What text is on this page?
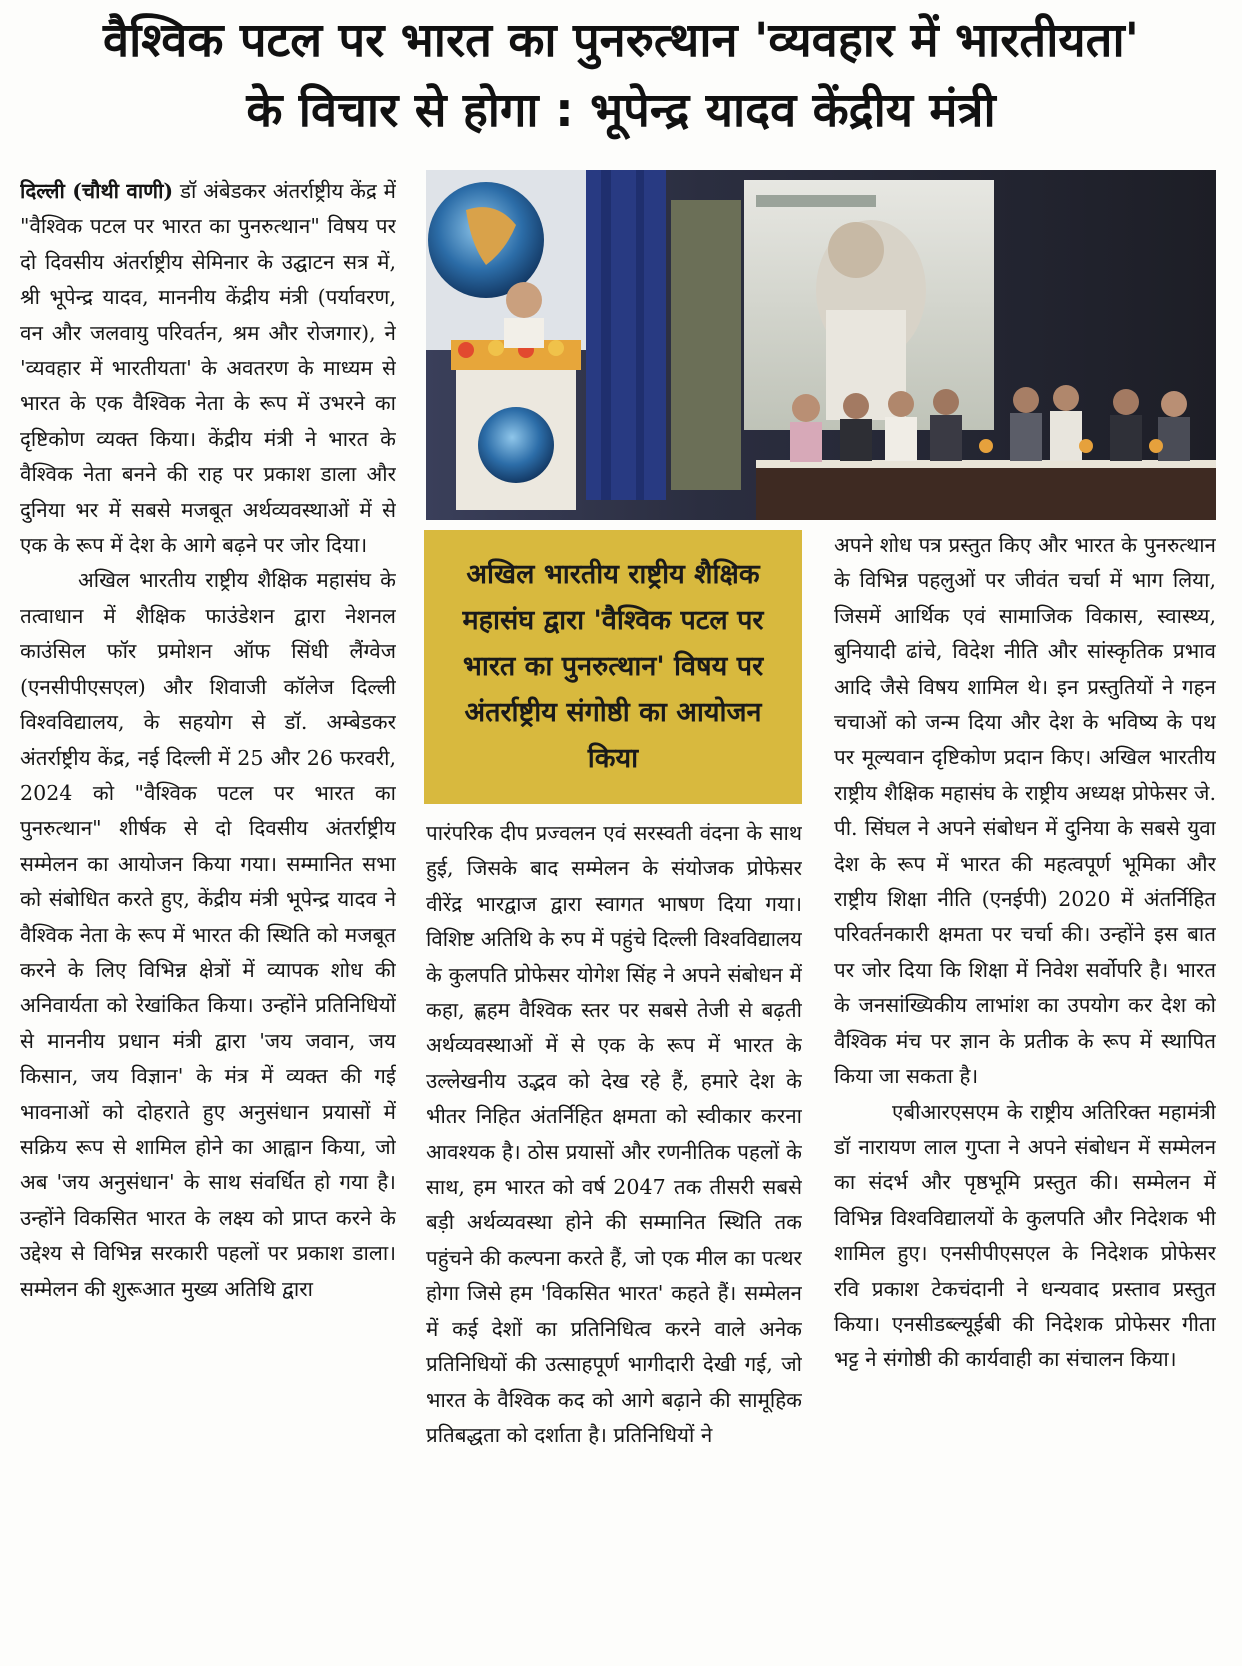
वैश्विक पटल पर भारत का पुनरुत्थान 'व्यवहार में भारतीयता'
के विचार से होगा : भूपेन्द्र यादव केंद्रीय मंत्री

दिल्ली (चौथी वाणी) डॉ अंबेडकर अंतर्राष्ट्रीय केंद्र में "वैश्विक पटल पर भारत का पुनरुत्थान" विषय पर दो दिवसीय अंतर्राष्ट्रीय सेमिनार के उद्घाटन सत्र में, श्री भूपेन्द्र यादव, माननीय केंद्रीय मंत्री (पर्यावरण, वन और जलवायु परिवर्तन, श्रम और रोजगार), ने 'व्यवहार में भारतीयता' के अवतरण के माध्यम से भारत के एक वैश्विक नेता के रूप में उभरने का दृष्टिकोण व्यक्त किया। केंद्रीय मंत्री ने भारत के वैश्विक नेता बनने की राह पर प्रकाश डाला और दुनिया भर में सबसे मजबूत अर्थव्यवस्थाओं में से एक के रूप में देश के आगे बढ़ने पर जोर दिया।

अखिल भारतीय राष्ट्रीय शैक्षिक महासंघ के तत्वाधान में शैक्षिक फाउंडेशन द्वारा नेशनल काउंसिल फॉर प्रमोशन ऑफ सिंधी लैंग्वेज (एनसीपीएसएल) और शिवाजी कॉलेज दिल्ली विश्वविद्यालय, के सहयोग से डॉ. अम्बेडकर अंतर्राष्ट्रीय केंद्र, नई दिल्ली में 25 और 26 फरवरी, 2024 को "वैश्विक पटल पर भारत का पुनरुत्थान" शीर्षक से दो दिवसीय अंतर्राष्ट्रीय सम्मेलन का आयोजन किया गया। सम्मानित सभा को संबोधित करते हुए, केंद्रीय मंत्री भूपेन्द्र यादव ने वैश्विक नेता के रूप में भारत की स्थिति को मजबूत करने के लिए विभिन्न क्षेत्रों में व्यापक शोध की अनिवार्यता को रेखांकित किया। उन्होंने प्रतिनिधियों से माननीय प्रधान मंत्री द्वारा 'जय जवान, जय किसान, जय विज्ञान' के मंत्र में व्यक्त की गई भावनाओं को दोहराते हुए अनुसंधान प्रयासों में सक्रिय रूप से शामिल होने का आह्वान किया, जो अब 'जय अनुसंधान' के साथ संवर्धित हो गया है। उन्होंने विकसित भारत के लक्ष्य को प्राप्त करने के उद्देश्य से विभिन्न सरकारी पहलों पर प्रकाश डाला। सम्मेलन की शुरूआत मुख्य अतिथि द्वारा

अखिल भारतीय राष्ट्रीय शैक्षिक महासंघ द्वारा 'वैश्विक पटल पर भारत का पुनरुत्थान' विषय पर अंतर्राष्ट्रीय संगोष्ठी का आयोजन किया

पारंपरिक दीप प्रज्वलन एवं सरस्वती वंदना के साथ हुई, जिसके बाद सम्मेलन के संयोजक प्रोफेसर वीरेंद्र भारद्वाज द्वारा स्वागत भाषण दिया गया। विशिष्ट अतिथि के रुप में पहुंचे दिल्ली विश्वविद्यालय के कुलपति प्रोफेसर योगेश सिंह ने अपने संबोधन में कहा, ह्णहम वैश्विक स्तर पर सबसे तेजी से बढ़ती अर्थव्यवस्थाओं में से एक के रूप में भारत के उल्लेखनीय उद्भव को देख रहे हैं, हमारे देश के भीतर निहित अंतर्निहित क्षमता को स्वीकार करना आवश्यक है। ठोस प्रयासों और रणनीतिक पहलों के साथ, हम भारत को वर्ष 2047 तक तीसरी सबसे बड़ी अर्थव्यवस्था होने की सम्मानित स्थिति तक पहुंचने की कल्पना करते हैं, जो एक मील का पत्थर होगा जिसे हम 'विकसित भारत' कहते हैं। सम्मेलन में कई देशों का प्रतिनिधित्व करने वाले अनेक प्रतिनिधियों की उत्साहपूर्ण भागीदारी देखी गई, जो भारत के वैश्विक कद को आगे बढ़ाने की सामूहिक प्रतिबद्धता को दर्शाता है। प्रतिनिधियों ने

अपने शोध पत्र प्रस्तुत किए और भारत के पुनरुत्थान के विभिन्न पहलुओं पर जीवंत चर्चा में भाग लिया, जिसमें आर्थिक एवं सामाजिक विकास, स्वास्थ्य, बुनियादी ढांचे, विदेश नीति और सांस्कृतिक प्रभाव आदि जैसे विषय शामिल थे। इन प्रस्तुतियों ने गहन चचाओं को जन्म दिया और देश के भविष्य के पथ पर मूल्यवान दृष्टिकोण प्रदान किए। अखिल भारतीय राष्ट्रीय शैक्षिक महासंघ के राष्ट्रीय अध्यक्ष प्रोफेसर जे. पी. सिंघल ने अपने संबोधन में दुनिया के सबसे युवा देश के रूप में भारत की महत्वपूर्ण भूमिका और राष्ट्रीय शिक्षा नीति (एनईपी) 2020 में अंतर्निहित परिवर्तनकारी क्षमता पर चर्चा की। उन्होंने इस बात पर जोर दिया कि शिक्षा में निवेश सर्वोपरि है। भारत के जनसांख्यिकीय लाभांश का उपयोग कर देश को वैश्विक मंच पर ज्ञान के प्रतीक के रूप में स्थापित किया जा सकता है।

एबीआरएसएम के राष्ट्रीय अतिरिक्त महामंत्री डॉ नारायण लाल गुप्ता ने अपने संबोधन में सम्मेलन का संदर्भ और पृष्ठभूमि प्रस्तुत की। सम्मेलन में विभिन्न विश्वविद्यालयों के कुलपति और निदेशक भी शामिल हुए। एनसीपीएसएल के निदेशक प्रोफेसर रवि प्रकाश टेकचंदानी ने धन्यवाद प्रस्ताव प्रस्तुत किया। एनसीडब्ल्यूईबी की निदेशक प्रोफेसर गीता भट्ट ने संगोष्ठी की कार्यवाही का संचालन किया।
